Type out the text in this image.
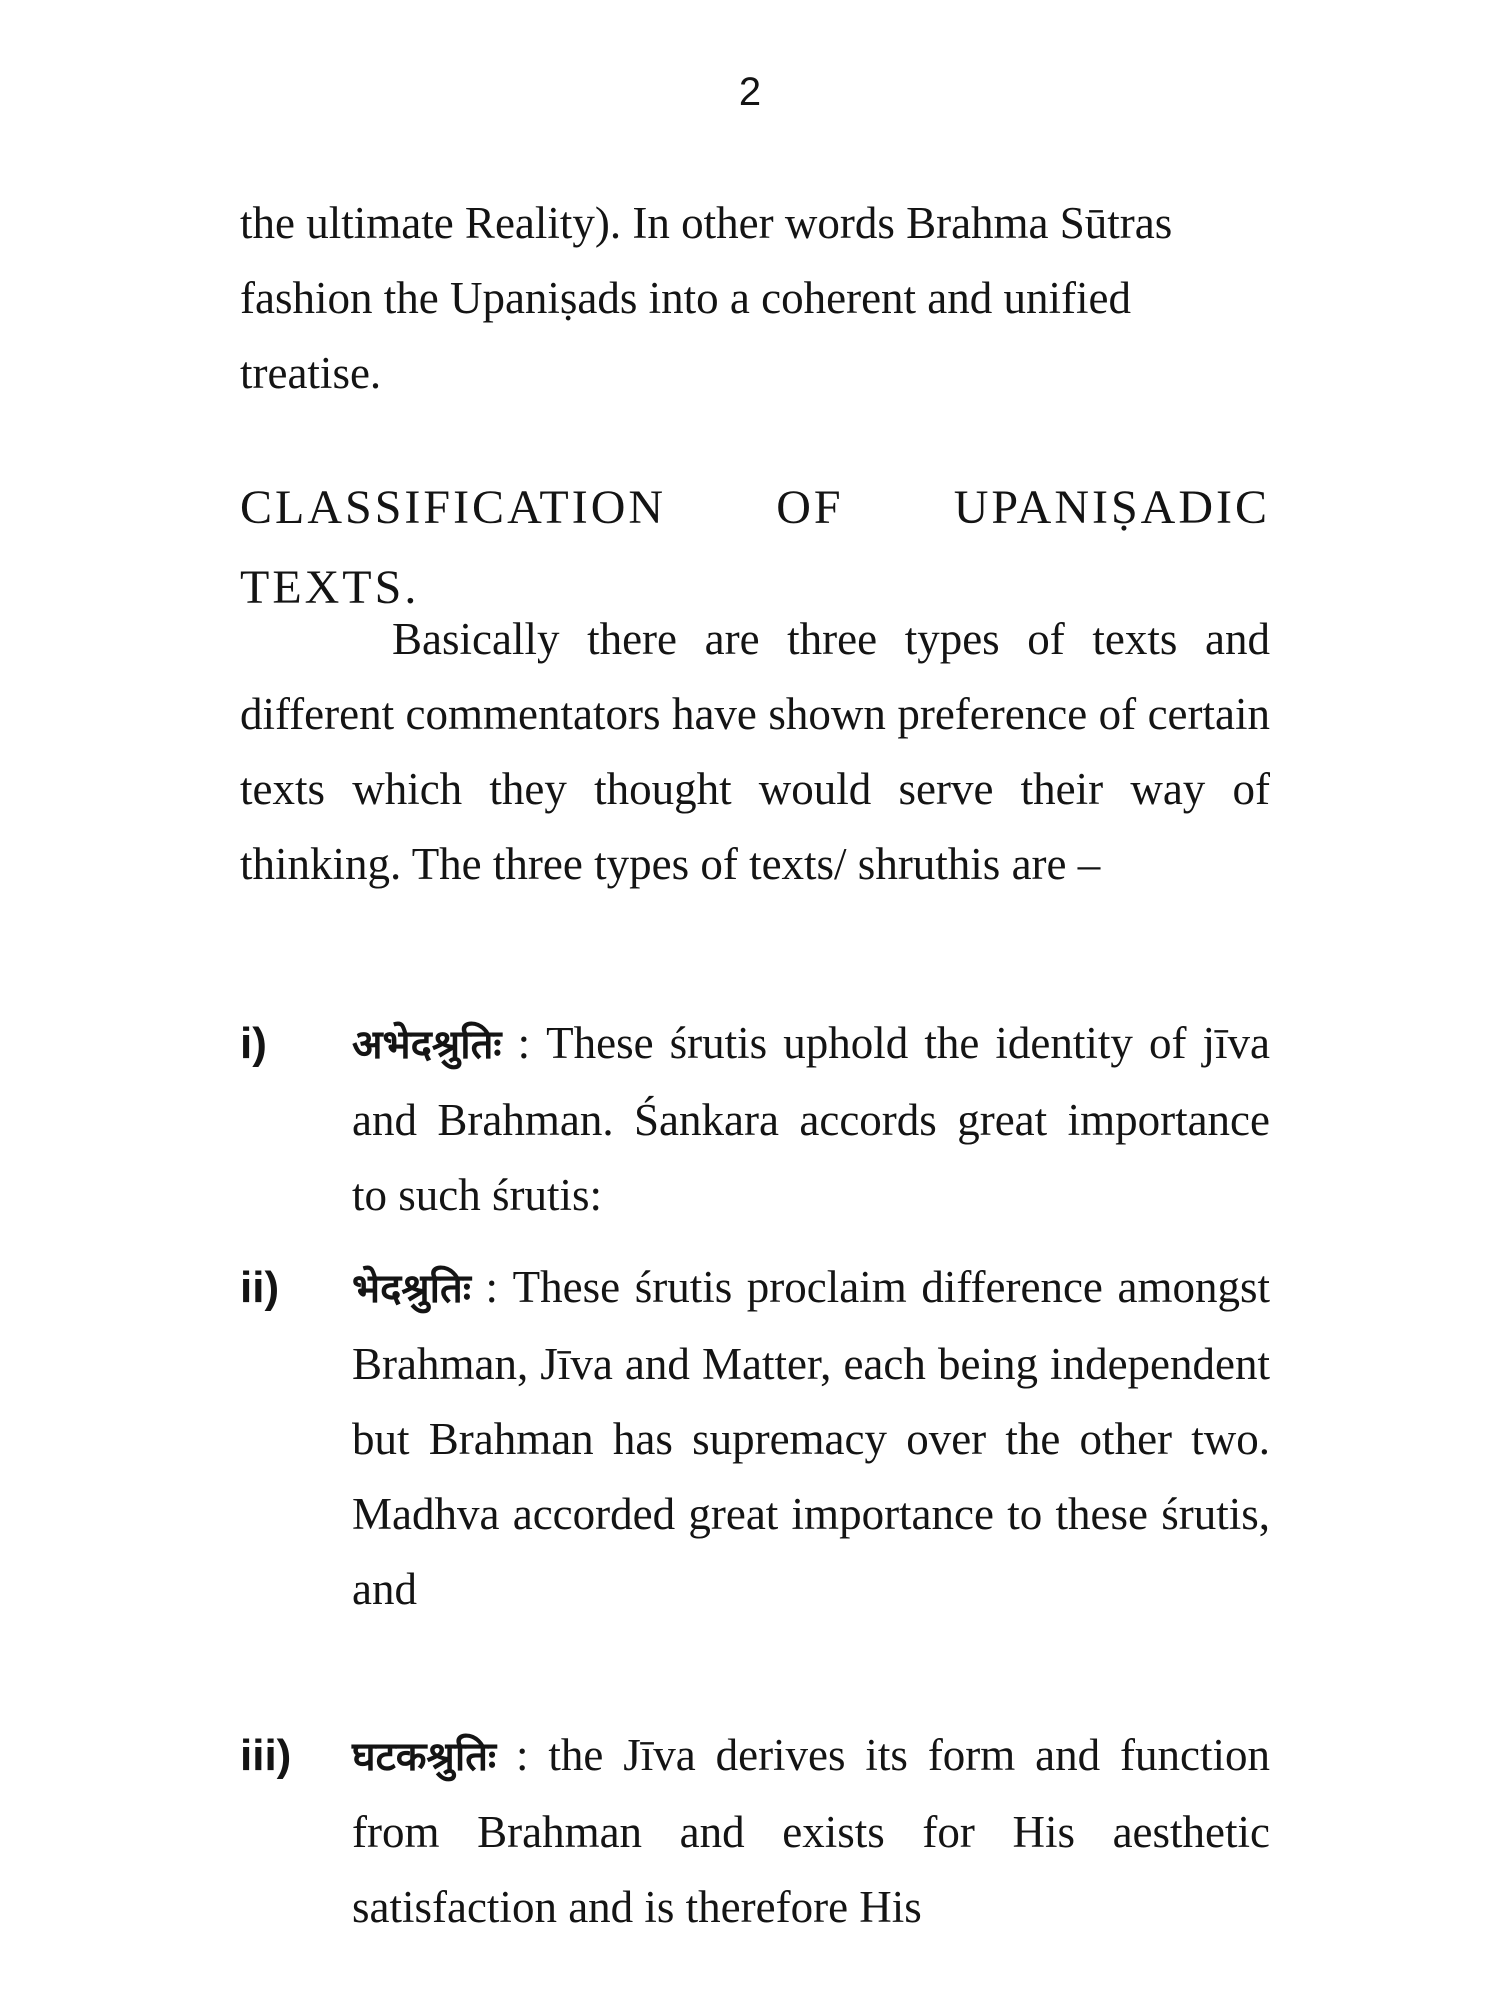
2
the ultimate Reality). In other words Brahma Sūtras fashion the Upaniṣads into a coherent and unified treatise.
CLASSIFICATION OF UPANIṢADIC
TEXTS.
Basically there are three types of texts and different commentators have shown preference of certain texts which they thought would serve their way of thinking. The three types of texts/ shruthis are –
i) अभेदश्रुतिः : These śrutis uphold the identity of jīva and Brahman. Śankara accords great importance to such śrutis:
ii) भेदश्रुतिः : These śrutis proclaim difference amongst Brahman, Jīva and Matter, each being independent but Brahman has supremacy over the other two. Madhva accorded great importance to these śrutis, and
iii) घटकश्रुतिः : the Jīva derives its form and function from Brahman and exists for His aesthetic satisfaction and is therefore His
